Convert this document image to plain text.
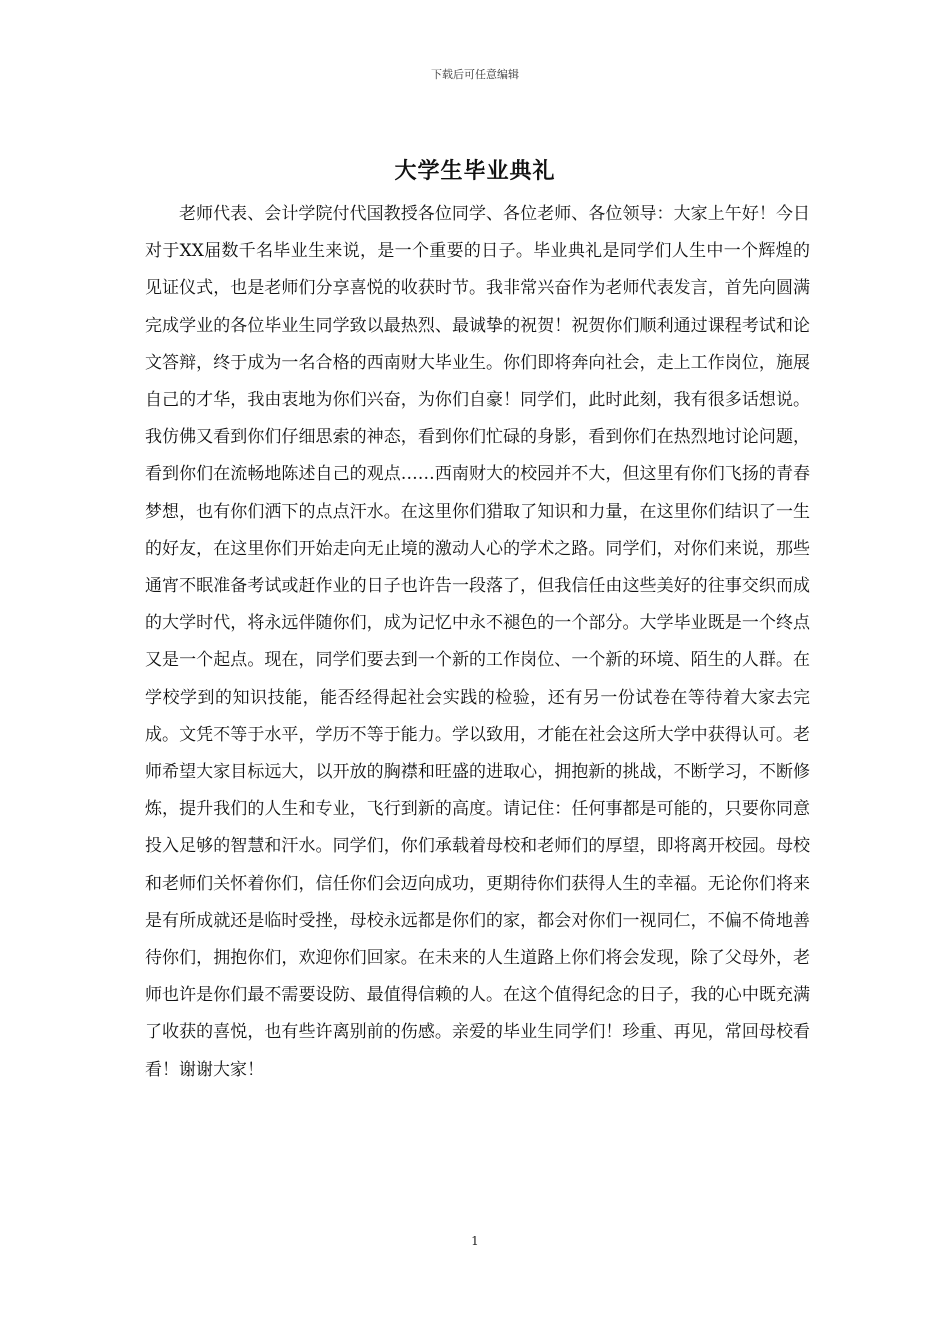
下载后可任意编辑
大学生毕业典礼

老师代表、会计学院付代国教授各位同学、各位老师、各位领导：大家上午好！今日对于XX届数千名毕业生来说，是一个重要的日子。毕业典礼是同学们人生中一个辉煌的见证仪式，也是老师们分享喜悦的收获时节。我非常兴奋作为老师代表发言，首先向圆满完成学业的各位毕业生同学致以最热烈、最诚挚的祝贺！祝贺你们顺利通过课程考试和论文答辩，终于成为一名合格的西南财大毕业生。你们即将奔向社会，走上工作岗位，施展自己的才华，我由衷地为你们兴奋，为你们自豪！同学们，此时此刻，我有很多话想说。我仿佛又看到你们仔细思索的神态，看到你们忙碌的身影，看到你们在热烈地讨论问题，看到你们在流畅地陈述自己的观点……西南财大的校园并不大，但这里有你们飞扬的青春梦想，也有你们洒下的点点汗水。在这里你们猎取了知识和力量，在这里你们结识了一生的好友，在这里你们开始走向无止境的激动人心的学术之路。同学们，对你们来说，那些通宵不眠准备考试或赶作业的日子也许告一段落了，但我信任由这些美好的往事交织而成的大学时代，将永远伴随你们，成为记忆中永不褪色的一个部分。大学毕业既是一个终点又是一个起点。现在，同学们要去到一个新的工作岗位、一个新的环境、陌生的人群。在学校学到的知识技能，能否经得起社会实践的检验，还有另一份试卷在等待着大家去完成。文凭不等于水平，学历不等于能力。学以致用，才能在社会这所大学中获得认可。老师希望大家目标远大，以开放的胸襟和旺盛的进取心，拥抱新的挑战，不断学习，不断修炼，提升我们的人生和专业，飞行到新的高度。请记住：任何事都是可能的，只要你同意投入足够的智慧和汗水。同学们，你们承载着母校和老师们的厚望，即将离开校园。母校和老师们关怀着你们，信任你们会迈向成功，更期待你们获得人生的幸福。无论你们将来是有所成就还是临时受挫，母校永远都是你们的家，都会对你们一视同仁，不偏不倚地善待你们，拥抱你们，欢迎你们回家。在未来的人生道路上你们将会发现，除了父母外，老师也许是你们最不需要设防、最值得信赖的人。在这个值得纪念的日子，我的心中既充满了收获的喜悦，也有些许离别前的伤感。亲爱的毕业生同学们！珍重、再见，常回母校看看！谢谢大家！

1
